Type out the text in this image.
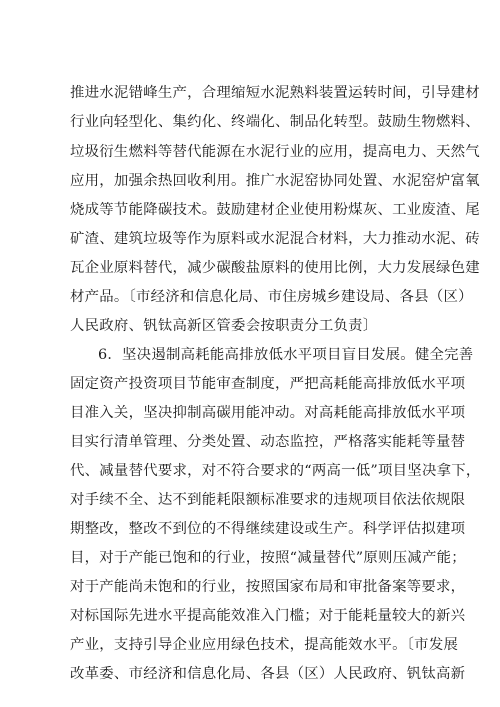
推进水泥错峰生产，合理缩短水泥熟料装置运转时间，引导建材
行业向轻型化、集约化、终端化、制品化转型。鼓励生物燃料、
垃圾衍生燃料等替代能源在水泥行业的应用，提高电力、天然气
应用，加强余热回收利用。推广水泥窑协同处置、水泥窑炉富氧
烧成等节能降碳技术。鼓励建材企业使用粉煤灰、工业废渣、尾
矿渣、建筑垃圾等作为原料或水泥混合材料，大力推动水泥、砖
瓦企业原料替代，减少碳酸盐原料的使用比例，大力发展绿色建
材产品。〔市经济和信息化局、市住房城乡建设局、各县（区）
人民政府、钒钛高新区管委会按职责分工负责〕
6．坚决遏制高耗能高排放低水平项目盲目发展。健全完善
固定资产投资项目节能审查制度，严把高耗能高排放低水平项
目准入关，坚决抑制高碳用能冲动。对高耗能高排放低水平项
目实行清单管理、分类处置、动态监控，严格落实能耗等量替
代、减量替代要求，对不符合要求的“两高一低”项目坚决拿下，
对手续不全、达不到能耗限额标准要求的违规项目依法依规限
期整改，整改不到位的不得继续建设或生产。科学评估拟建项
目，对于产能已饱和的行业，按照“减量替代”原则压减产能；
对于产能尚未饱和的行业，按照国家布局和审批备案等要求，
对标国际先进水平提高能效准入门槛；对于能耗量较大的新兴
产业，支持引导企业应用绿色技术，提高能效水平。〔市发展
改革委、市经济和信息化局、各县（区）人民政府、钒钛高新
